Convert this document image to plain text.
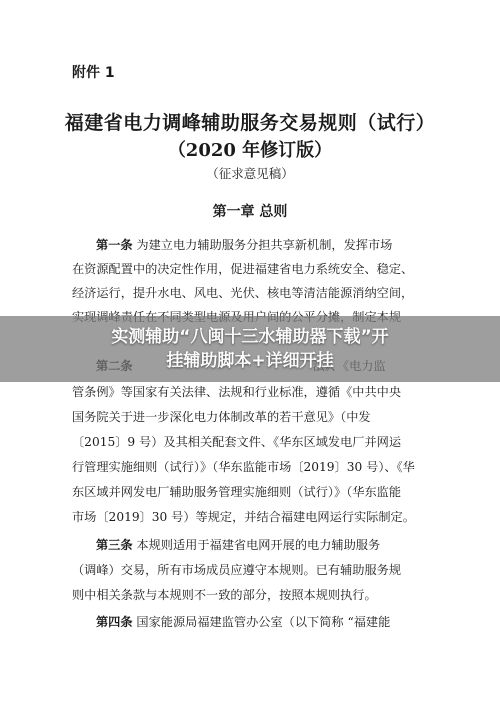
附件 1
福建省电力调峰辅助服务交易规则（试行）
（2020 年修订版）
（征求意见稿）
第一章 总则
第一条 为建立电力辅助服务分担共享新机制，发挥市场
在资源配置中的决定性作用，促进福建省电力系统安全、稳定、
经济运行，提升水电、风电、光伏、核电等清洁能源消纳空间，
管条例》等国家有关法律、法规和行业标准，遵循《中共中央
国务院关于进一步深化电力体制改革的若干意见》（中发
〔2015〕9 号）及其相关配套文件、《华东区域发电厂并网运
行管理实施细则（试行）》（华东监能市场〔2019〕30 号）、《华
东区域并网发电厂辅助服务管理实施细则（试行）》（华东监能
市场〔2019〕30 号）等规定，并结合福建电网运行实际制定。
第三条 本规则适用于福建省电网开展的电力辅助服务
（调峰）交易，所有市场成员应遵守本规则。已有辅助服务规
则中相关条款与本规则不一致的部分，按照本规则执行。
第四条 国家能源局福建监管办公室（以下简称 “福建能
实测辅助“八闽十三水辅助器下载”开
挂辅助脚本+详细开挂
